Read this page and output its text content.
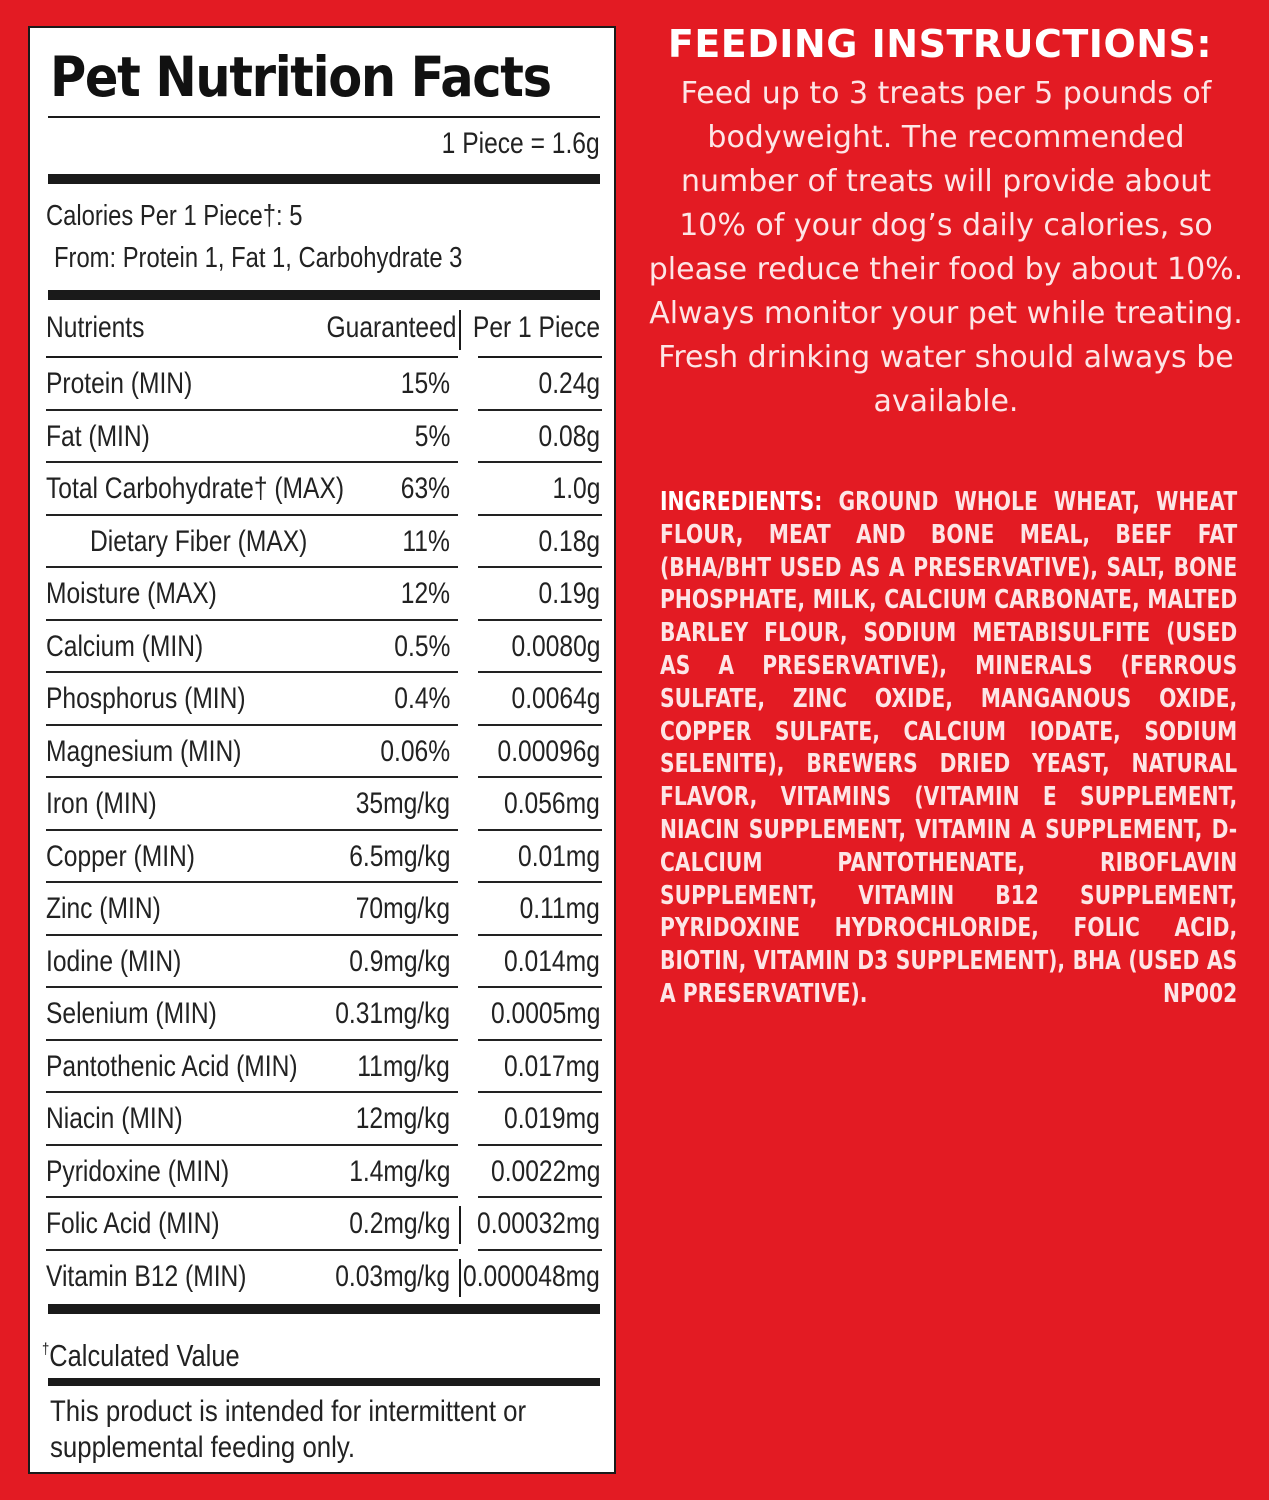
Pet Nutrition Facts
1 Piece = 1.6g
Calories Per 1 Piece†: 5
From: Protein 1, Fat 1, Carbohydrate 3
Nutrients	Guaranteed Per 1 Piece
Protein (MIN)	15%	0.24g
Fat (MIN)	5%	0.08g
Total Carbohydrate† (MAX) 63%	1.0g
Dietary Fiber (MAX)	11%	0.18g
Moisture (MAX)	12%	0.19g
Calcium (MIN)	0.5% 0.0080g
Phosphorus (MIN)	0.4% 0.0064g
Magnesium (MIN)	0.06% 0.00096g
Iron (MIN)	35mg/kg 0.056mg
Copper (MIN)	6.5mg/kg 0.01mg
Zinc (MIN)	70mg/kg 0.11mg
Iodine (MIN)	0.9mg/kg 0.014mg
Selenium (MIN)	0.31mg/kg 0.0005mg
Pantothenic Acid (MIN) 11mg/kg 0.017mg
Niacin (MIN)	12mg/kg 0.019mg
Pyridoxine (MIN)	1.4mg/kg 0.0022mg
Folic Acid (MIN)	0.2mg/kg 0.00032mg
Vitamin B12 (MIN)	0.03mg/kg 0.000048mg
†Calculated Value
This product is intended for intermittent or supplemental feeding only.
FEEDING INSTRUCTIONS:
Feed up to 3 treats per 5 pounds of bodyweight. The recommended number of treats will provide about 10% of your dog’s daily calories, so please reduce their food by about 10%. Always monitor your pet while treating. Fresh drinking water should always be available.
INGREDIENTS: GROUND WHOLE WHEAT, WHEAT FLOUR, MEAT AND BONE MEAL, BEEF FAT (BHA/BHT USED AS A PRESERVATIVE), SALT, BONE PHOSPHATE, MILK, CALCIUM CARBONATE, MALTED BARLEY FLOUR, SODIUM METABISULFITE (USED AS A PRESERVATIVE), MINERALS (FERROUS SULFATE, ZINC OXIDE, MANGANOUS OXIDE, COPPER SULFATE, CALCIUM IODATE, SODIUM SELENITE), BREWERS DRIED YEAST, NATURAL FLAVOR, VITAMINS (VITAMIN E SUPPLEMENT, NIACIN SUPPLEMENT, VITAMIN A SUPPLEMENT, D-CALCIUM PANTOTHENATE, RIBOFLAVIN SUPPLEMENT, VITAMIN B12 SUPPLEMENT, PYRIDOXINE HYDROCHLORIDE, FOLIC ACID, BIOTIN, VITAMIN D3 SUPPLEMENT), BHA (USED AS A PRESERVATIVE).	NP002
